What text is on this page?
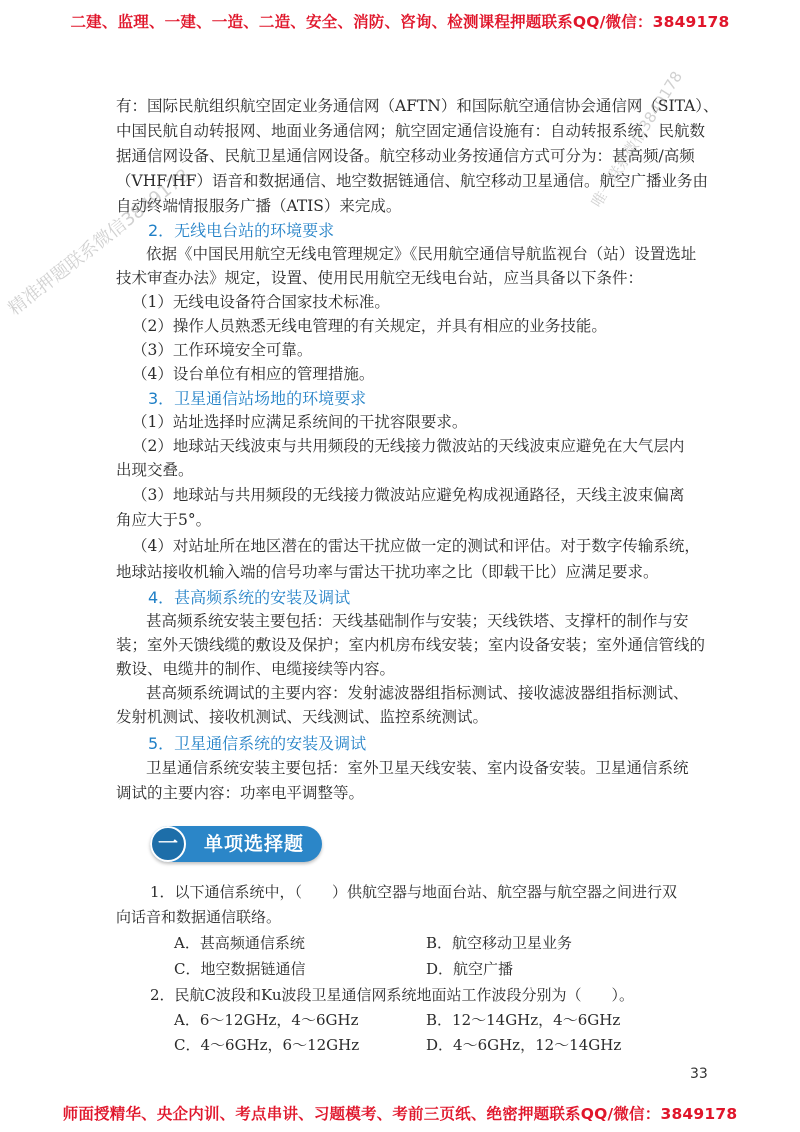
二建、监理、一建、一造、二造、安全、消防、咨询、检测课程押题联系QQ/微信：3849178
有：国际民航组织航空固定业务通信网（AFTN）和国际航空通信协会通信网（SITA）、
中国民航自动转报网、地面业务通信网；航空固定通信设施有：自动转报系统、民航数
据通信网设备、民航卫星通信网设备。航空移动业务按通信方式可分为：甚高频/高频
（VHF/HF）语音和数据通信、地空数据链通信、航空移动卫星通信。航空广播业务由
自动终端情报服务广播（ATIS）来完成。
2．无线电台站的环境要求
依据《中国民用航空无线电管理规定》《民用航空通信导航监视台（站）设置选址
技术审查办法》规定，设置、使用民用航空无线电台站，应当具备以下条件：
（1）无线电设备符合国家技术标准。
（2）操作人员熟悉无线电管理的有关规定，并具有相应的业务技能。
（3）工作环境安全可靠。
（4）设台单位有相应的管理措施。
3．卫星通信站场地的环境要求
（1）站址选择时应满足系统间的干扰容限要求。
（2）地球站天线波束与共用频段的无线接力微波站的天线波束应避免在大气层内
出现交叠。
（3）地球站与共用频段的无线接力微波站应避免构成视通路径，天线主波束偏离
角应大于5°。
（4）对站址所在地区潜在的雷达干扰应做一定的测试和评估。对于数字传输系统，
地球站接收机输入端的信号功率与雷达干扰功率之比（即载干比）应满足要求。
4．甚高频系统的安装及调试
甚高频系统安装主要包括：天线基础制作与安装；天线铁塔、支撑杆的制作与安
装；室外天馈线缆的敷设及保护；室内机房布线安装；室内设备安装；室外通信管线的
敷设、电缆井的制作、电缆接续等内容。
甚高频系统调试的主要内容：发射滤波器组指标测试、接收滤波器组指标测试、
发射机测试、接收机测试、天线测试、监控系统测试。
5．卫星通信系统的安装及调试
卫星通信系统安装主要包括：室外卫星天线安装、室内设备安装。卫星通信系统
调试的主要内容：功率电平调整等。
一	单项选择题
1．以下通信系统中，（　　）供航空器与地面台站、航空器与航空器之间进行双
向话音和数据通信联络。
A．甚高频通信系统	B．航空移动卫星业务
C．地空数据链通信	D．航空广播
2．民航C波段和Ku波段卫星通信网系统地面站工作波段分别为（　　）。
A．6～12GHz，4～6GHz	B．12～14GHz，4～6GHz
C．4～6GHz，6～12GHz	D．4～6GHz，12～14GHz
精准押题联系微信3849178
唯一联系微信3849178
33
师面授精华、央企内训、考点串讲、习题模考、考前三页纸、绝密押题联系QQ/微信：3849178
